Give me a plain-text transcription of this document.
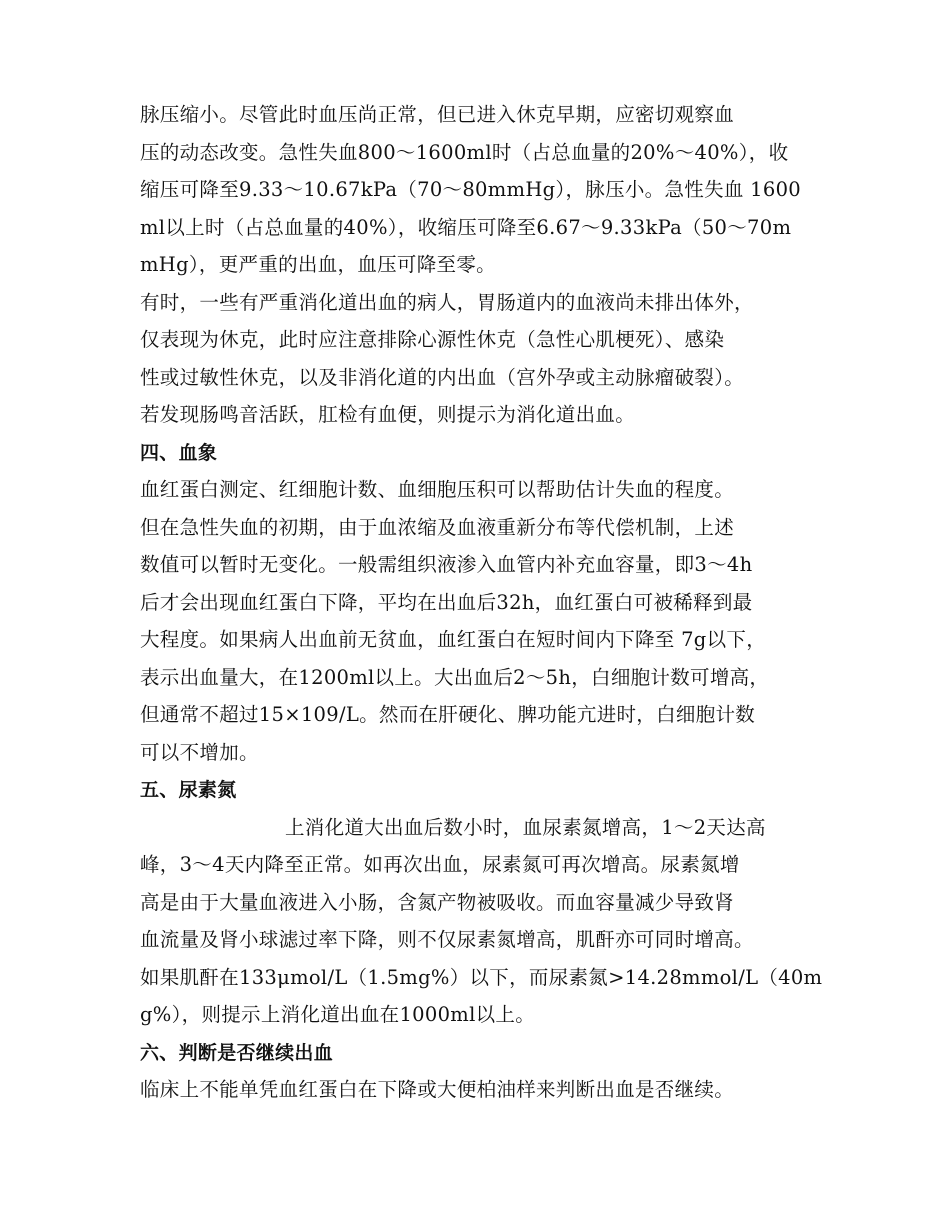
脉压缩小。尽管此时血压尚正常，但已进入休克早期，应密切观察血
压的动态改变。急性失血800～1600ml时（占总血量的20%～40%），收
缩压可降至9.33～10.67kPa（70～80mmHg），脉压小。急性失血 1600
ml以上时（占总血量的40%），收缩压可降至6.67～9.33kPa（50～70m
mHg），更严重的出血，血压可降至零。
有时，一些有严重消化道出血的病人，胃肠道内的血液尚未排出体外，
仅表现为休克，此时应注意排除心源性休克（急性心肌梗死）、感染
性或过敏性休克，以及非消化道的内出血（宫外孕或主动脉瘤破裂）。
若发现肠鸣音活跃，肛检有血便，则提示为消化道出血。
四、血象
血红蛋白测定、红细胞计数、血细胞压积可以帮助估计失血的程度。
但在急性失血的初期，由于血浓缩及血液重新分布等代偿机制，上述
数值可以暂时无变化。一般需组织液渗入血管内补充血容量，即3～4h
后才会出现血红蛋白下降，平均在出血后32h，血红蛋白可被稀释到最
大程度。如果病人出血前无贫血，血红蛋白在短时间内下降至 7g以下，
表示出血量大，在1200ml以上。大出血后2～5h，白细胞计数可增高，
但通常不超过15×109/L。然而在肝硬化、脾功能亢进时，白细胞计数
可以不增加。
五、尿素氮
上消化道大出血后数小时，血尿素氮增高，1～2天达高
峰，3～4天内降至正常。如再次出血，尿素氮可再次增高。尿素氮增
高是由于大量血液进入小肠，含氮产物被吸收。而血容量减少导致肾
血流量及肾小球滤过率下降，则不仅尿素氮增高，肌酐亦可同时增高。
如果肌酐在133μmol/L（1.5mg%）以下，而尿素氮>14.28mmol/L（40m
g%），则提示上消化道出血在1000ml以上。
六、判断是否继续出血
临床上不能单凭血红蛋白在下降或大便柏油样来判断出血是否继续。
